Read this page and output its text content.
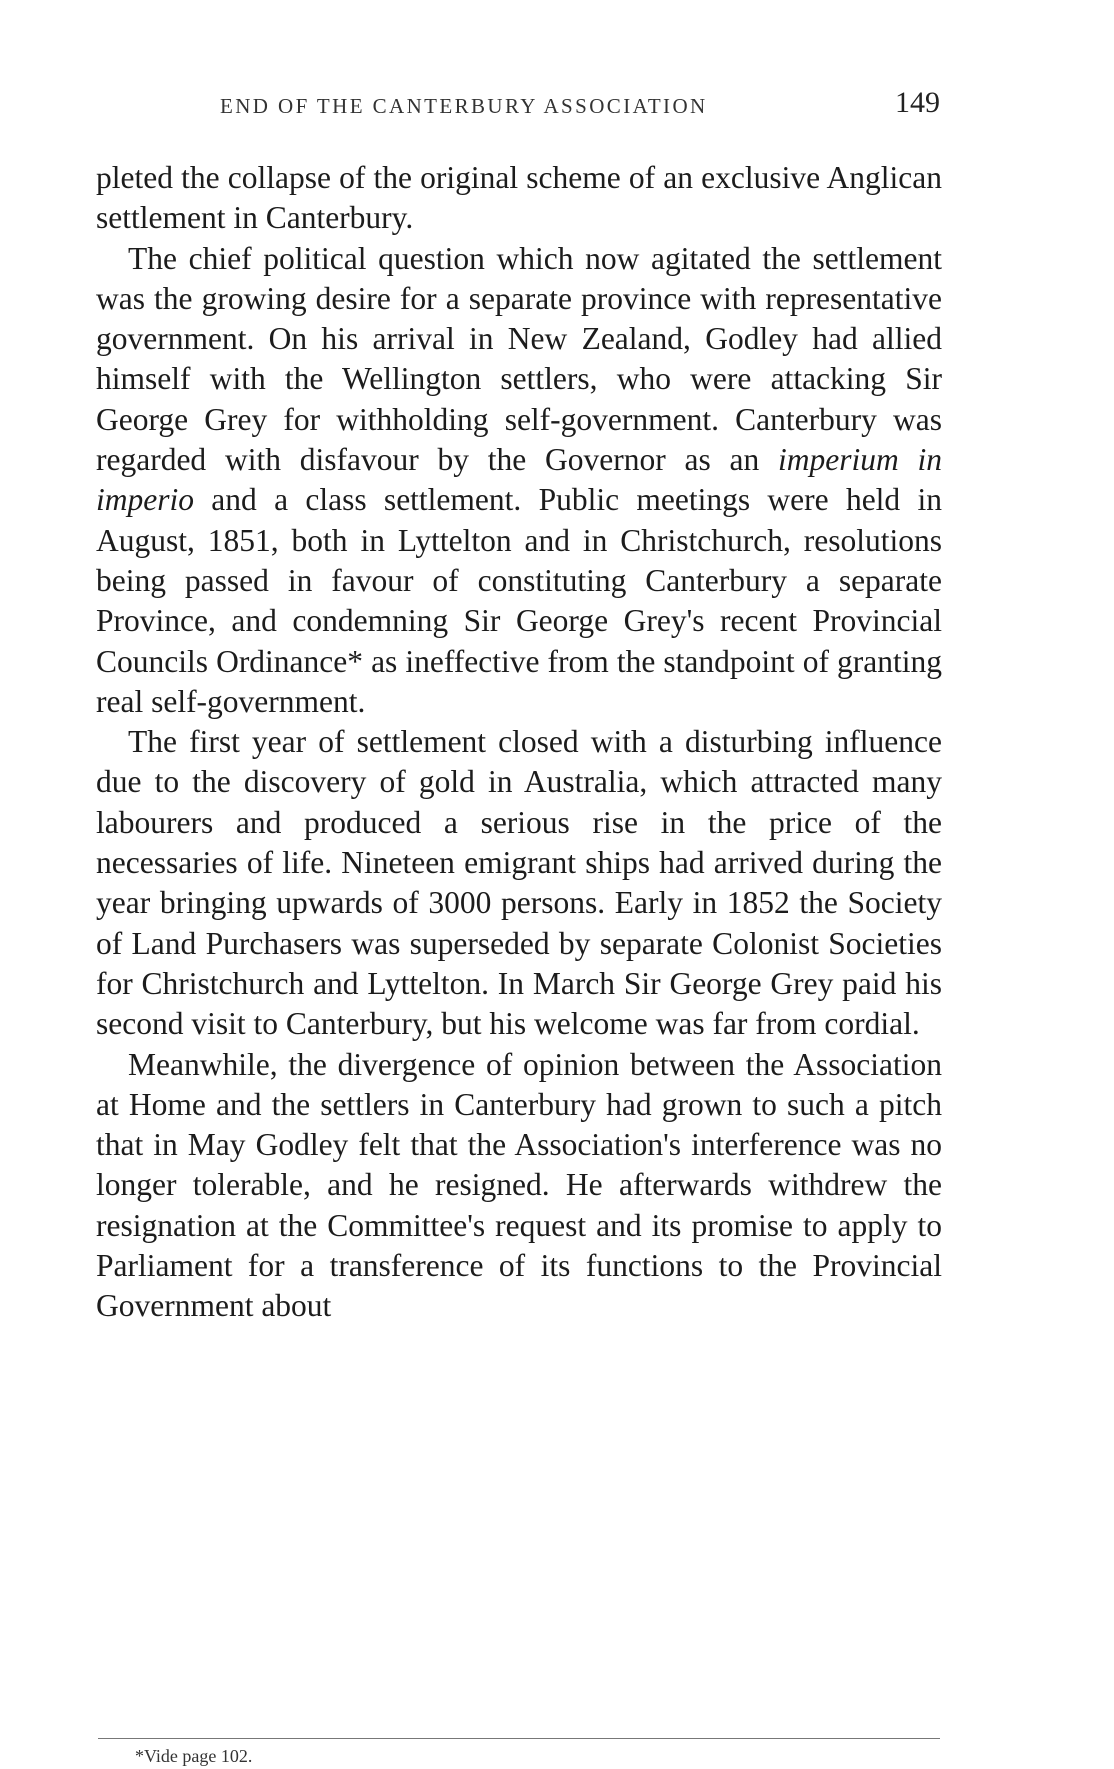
END OF THE CANTERBURY ASSOCIATION	149

pleted the collapse of the original scheme of an exclusive Anglican settlement in Canterbury.

The chief political question which now agitated the settlement was the growing desire for a separate province with representative government. On his arrival in New Zealand, Godley had allied himself with the Wellington settlers, who were attacking Sir George Grey for withholding self-government. Canterbury was regarded with disfavour by the Governor as an imperium in imperio and a class settlement. Public meetings were held in August, 1851, both in Lyttelton and in Christchurch, resolutions being passed in favour of constituting Canterbury a separate Province, and condemning Sir George Grey's recent Provincial Councils Ordinance* as ineffective from the standpoint of granting real self-government.

The first year of settlement closed with a disturbing influence due to the discovery of gold in Australia, which attracted many labourers and produced a serious rise in the price of the necessaries of life. Nineteen emigrant ships had arrived during the year bringing upwards of 3000 persons. Early in 1852 the Society of Land Purchasers was superseded by separate Colonist Societies for Christchurch and Lyttelton. In March Sir George Grey paid his second visit to Canterbury, but his welcome was far from cordial.

Meanwhile, the divergence of opinion between the Association at Home and the settlers in Canterbury had grown to such a pitch that in May Godley felt that the Association's interference was no longer tolerable, and he resigned. He afterwards withdrew the resignation at the Committee's request and its promise to apply to Parliament for a transference of its functions to the Provincial Government about

*Vide page 102.
